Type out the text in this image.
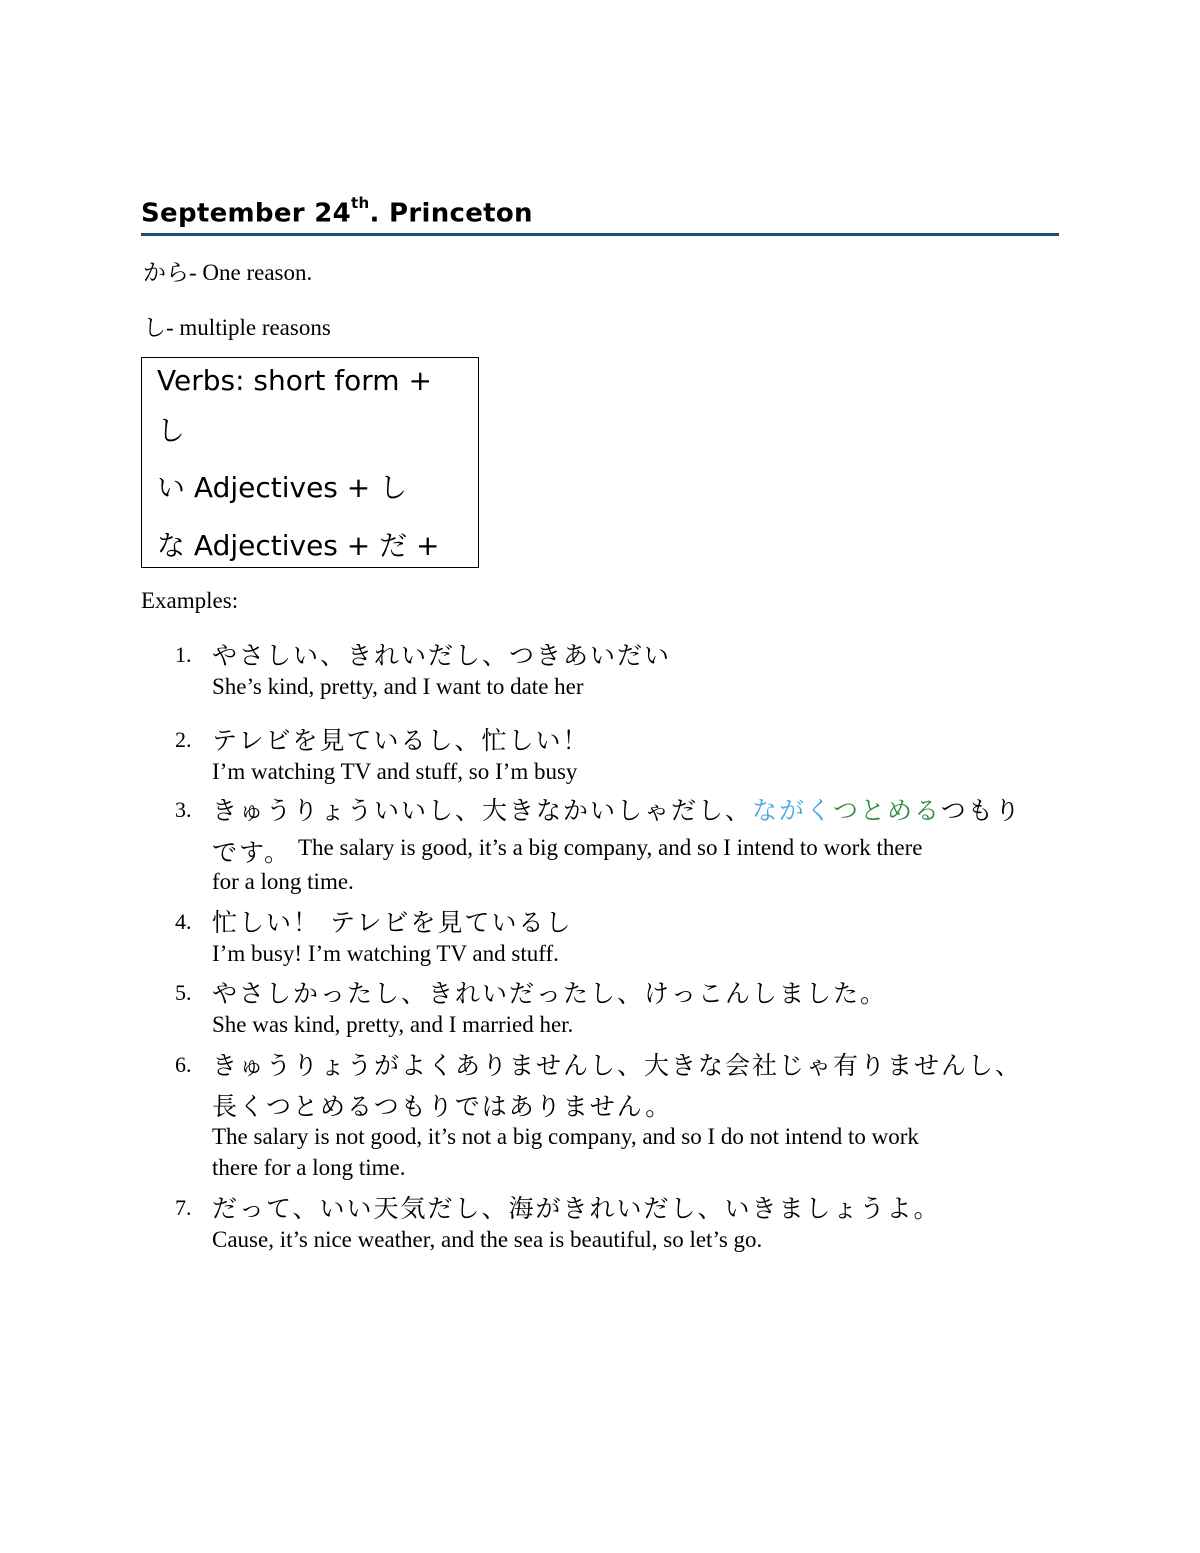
September 24th. Princeton
から- One reason.
し- multiple reasons
Verbs: short form +
し
い Adjectives + し
な Adjectives + だ +
Examples:
1. やさしい、きれいだし、つきあいだい
She’s kind, pretty, and I want to date her
2. テレビを見ているし、忙しい！
I’m watching TV and stuff, so I’m busy
3. きゅうりょういいし、大きなかいしゃだし、ながくつとめるつもり
です。 The salary is good, it’s a big company, and so I intend to work there
for a long time.
4. 忙しい！ テレビを見ているし
I’m busy! I’m watching TV and stuff.
5. やさしかったし、きれいだったし、けっこんしました。
She was kind, pretty, and I married her.
6. きゅうりょうがよくありませんし、大きな会社じゃ有りませんし、
長くつとめるつもりではありません。
The salary is not good, it’s not a big company, and so I do not intend to work
there for a long time.
7. だって、いい天気だし、海がきれいだし、いきましょうよ。
Cause, it’s nice weather, and the sea is beautiful, so let’s go.
